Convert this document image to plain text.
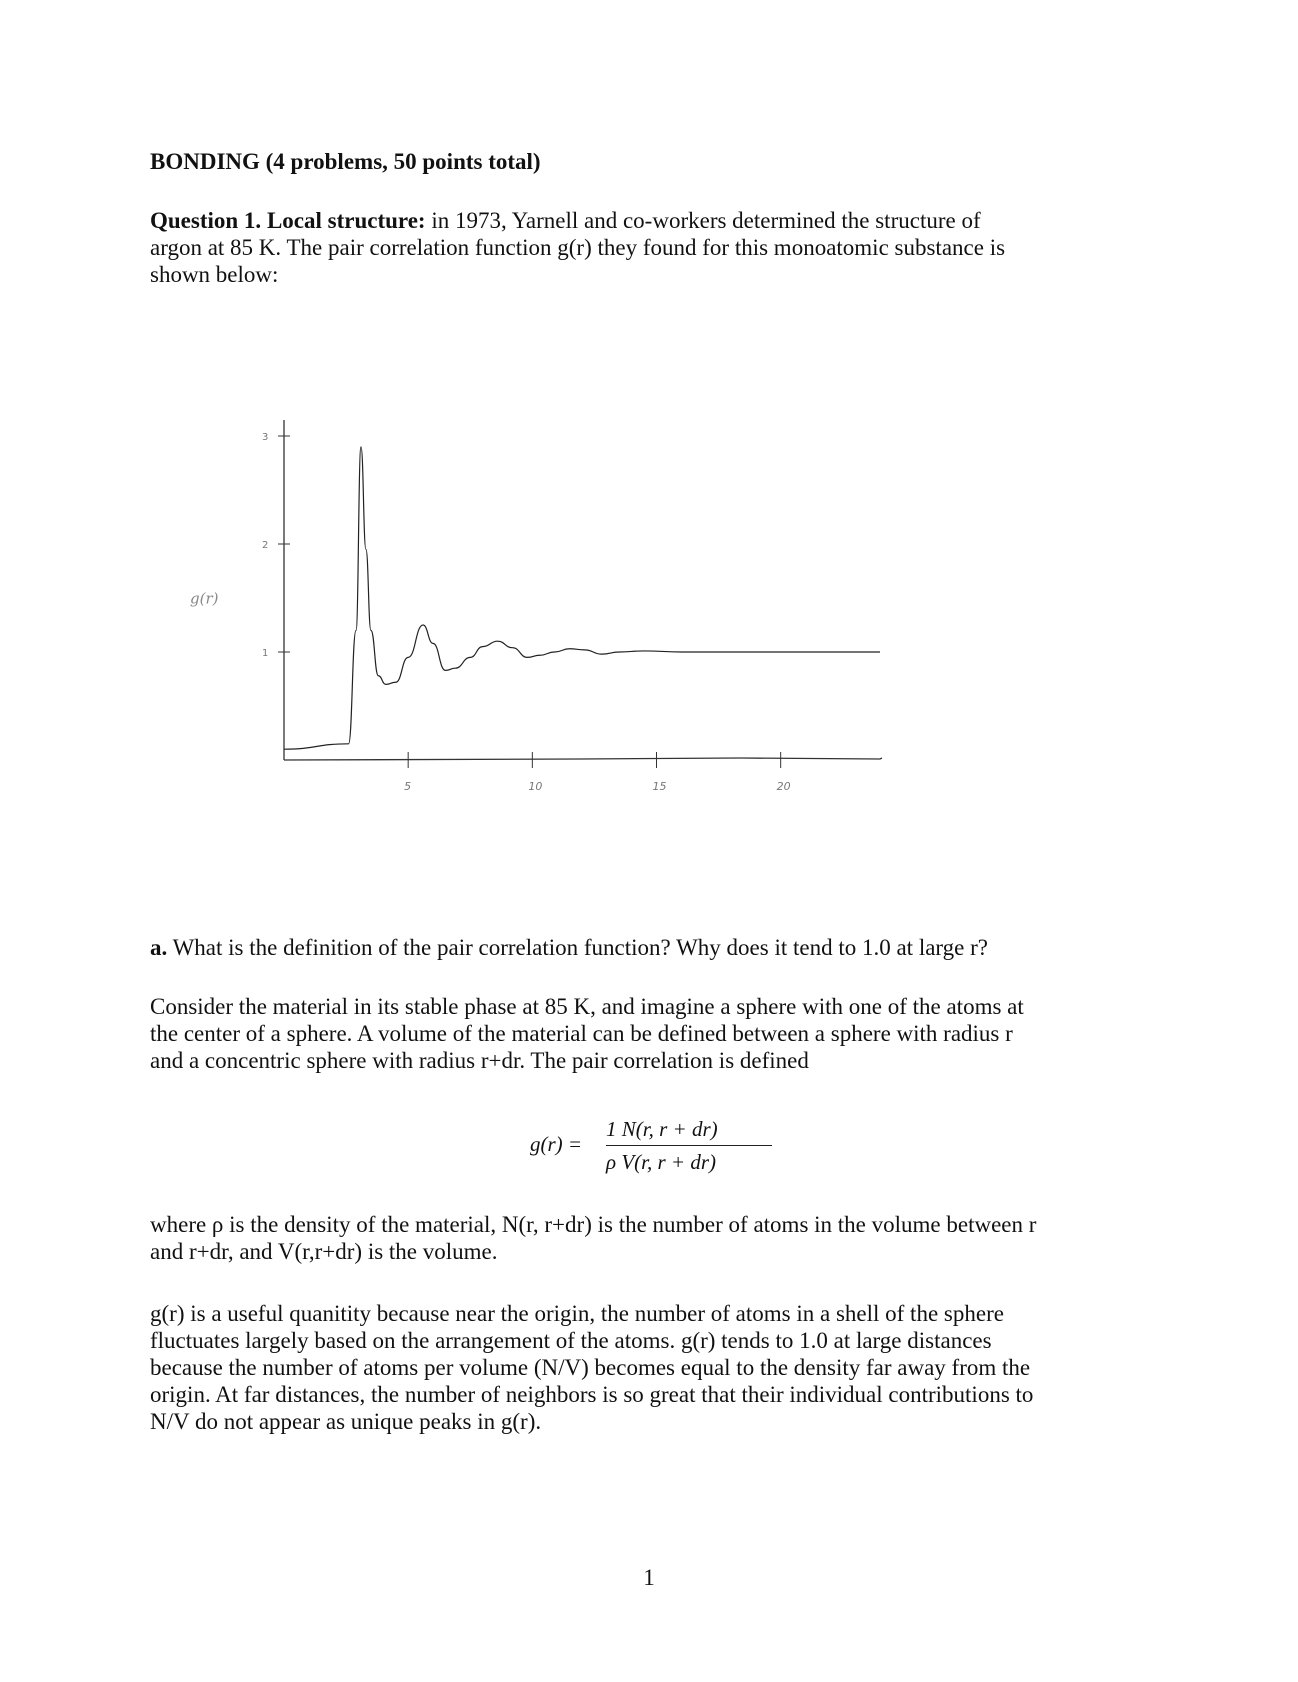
BONDING (4 problems, 50 points total)
Question 1. Local structure: in 1973, Yarnell and co-workers determined the structure of
argon at 85 K. The pair correlation function g(r) they found for this monoatomic substance is
shown below:
1
2
3
5	10	15	20
g(r)
a. What is the definition of the pair correlation function? Why does it tend to 1.0 at large r?
Consider the material in its stable phase at 85 K, and imagine a sphere with one of the atoms at
the center of a sphere. A volume of the material can be defined between a sphere with radius r
and a concentric sphere with radius r+dr. The pair correlation is defined
g(r) =
1 N(r, r + dr)
ρ V(r, r + dr)
where ρ is the density of the material, N(r, r+dr) is the number of atoms in the volume between r
and r+dr, and V(r,r+dr) is the volume.
g(r) is a useful quanitity because near the origin, the number of atoms in a shell of the sphere
fluctuates largely based on the arrangement of the atoms. g(r) tends to 1.0 at large distances
because the number of atoms per volume (N/V) becomes equal to the density far away from the
origin. At far distances, the number of neighbors is so great that their individual contributions to
N/V do not appear as unique peaks in g(r).
1
